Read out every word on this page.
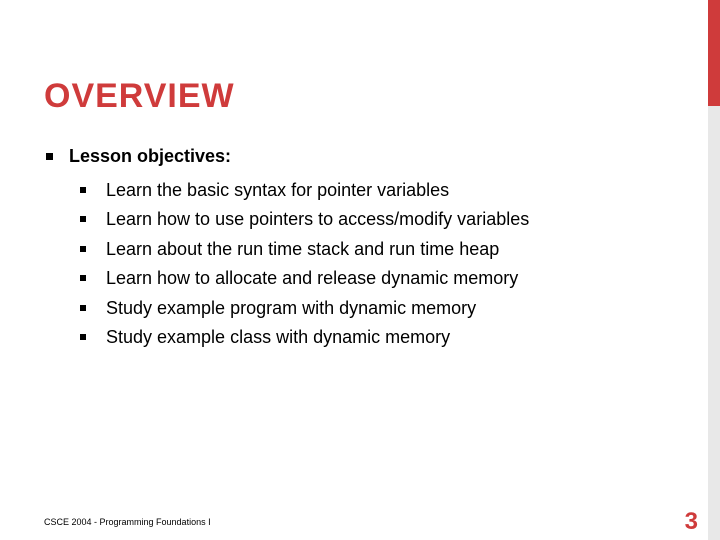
OVERVIEW
Lesson objectives:
Learn the basic syntax for pointer variables
Learn how to use pointers to access/modify variables
Learn about the run time stack and run time heap
Learn how to allocate and release dynamic memory
Study example program with dynamic memory
Study example class with dynamic memory
CSCE 2004 - Programming Foundations I	3
